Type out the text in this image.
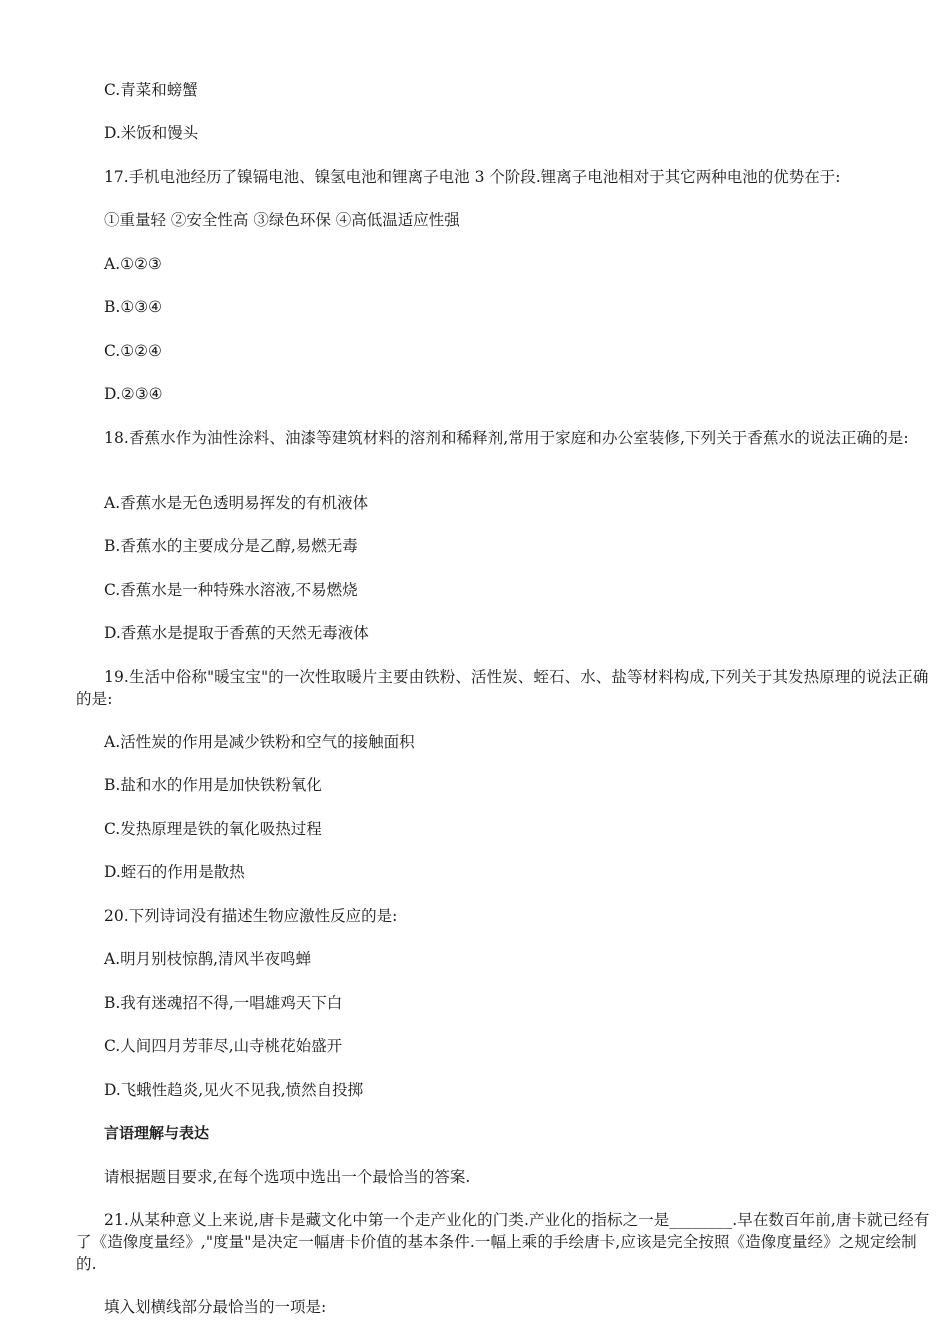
C.青菜和螃蟹
D.米饭和馒头
17.手机电池经历了镍镉电池、镍氢电池和锂离子电池 3 个阶段.锂离子电池相对于其它两种电池的优势在于:
①重量轻 ②安全性高 ③绿色环保 ④高低温适应性强
A.①②③
B.①③④
C.①②④
D.②③④
18.香蕉水作为油性涂料、油漆等建筑材料的溶剂和稀释剂,常用于家庭和办公室装修,下列关于香蕉水的说法正确的是:
A.香蕉水是无色透明易挥发的有机液体
B.香蕉水的主要成分是乙醇,易燃无毒
C.香蕉水是一种特殊水溶液,不易燃烧
D.香蕉水是提取于香蕉的天然无毒液体
19.生活中俗称"暖宝宝"的一次性取暖片主要由铁粉、活性炭、蛭石、水、盐等材料构成,下列关于其发热原理的说法正确的是:
A.活性炭的作用是减少铁粉和空气的接触面积
B.盐和水的作用是加快铁粉氧化
C.发热原理是铁的氧化吸热过程
D.蛭石的作用是散热
20.下列诗词没有描述生物应激性反应的是:
A.明月别枝惊鹊,清风半夜鸣蝉
B.我有迷魂招不得,一唱雄鸡天下白
C.人间四月芳菲尽,山寺桃花始盛开
D.飞蛾性趋炎,见火不见我,愤然自投掷
言语理解与表达
请根据题目要求,在每个选项中选出一个最恰当的答案.
21.从某种意义上来说,唐卡是藏文化中第一个走产业化的门类.产业化的指标之一是________.早在数百年前,唐卡就已经有了《造像度量经》,"度量"是决定一幅唐卡价值的基本条件.一幅上乘的手绘唐卡,应该是完全按照《造像度量经》之规定绘制的.
填入划横线部分最恰当的一项是:
